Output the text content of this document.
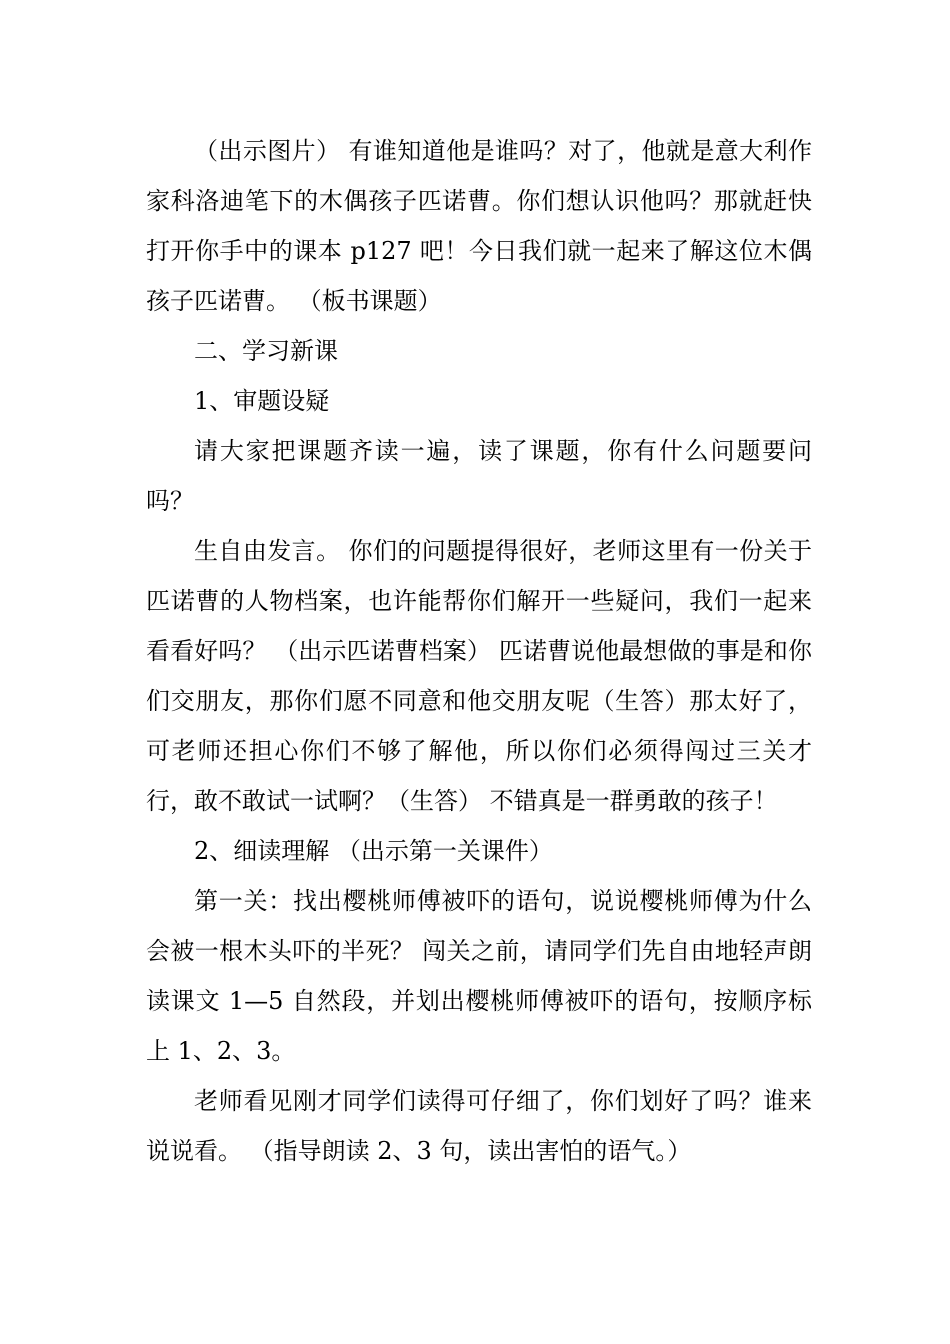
（出示图片） 有谁知道他是谁吗？对了，他就是意大利作家科洛迪笔下的木偶孩子匹诺曹。你们想认识他吗？那就赶快打开你手中的课本 p127 吧！今日我们就一起来了解这位木偶孩子匹诺曹。 （板书课题）

二、学习新课

1、审题设疑

请大家把课题齐读一遍，读了课题，你有什么问题要问吗？

生自由发言。 你们的问题提得很好，老师这里有一份关于匹诺曹的人物档案，也许能帮你们解开一些疑问，我们一起来看看好吗？ （出示匹诺曹档案） 匹诺曹说他最想做的事是和你们交朋友，那你们愿不同意和他交朋友呢（生答）那太好了，可老师还担心你们不够了解他，所以你们必须得闯过三关才行，敢不敢试一试啊？（生答） 不错真是一群勇敢的孩子！

2、细读理解 （出示第一关课件）

第一关：找出樱桃师傅被吓的语句，说说樱桃师傅为什么会被一根木头吓的半死？ 闯关之前，请同学们先自由地轻声朗读课文 1—5 自然段，并划出樱桃师傅被吓的语句，按顺序标上 1、2、3。

老师看见刚才同学们读得可仔细了，你们划好了吗？谁来说说看。 （指导朗读 2、3 句，读出害怕的语气。）
